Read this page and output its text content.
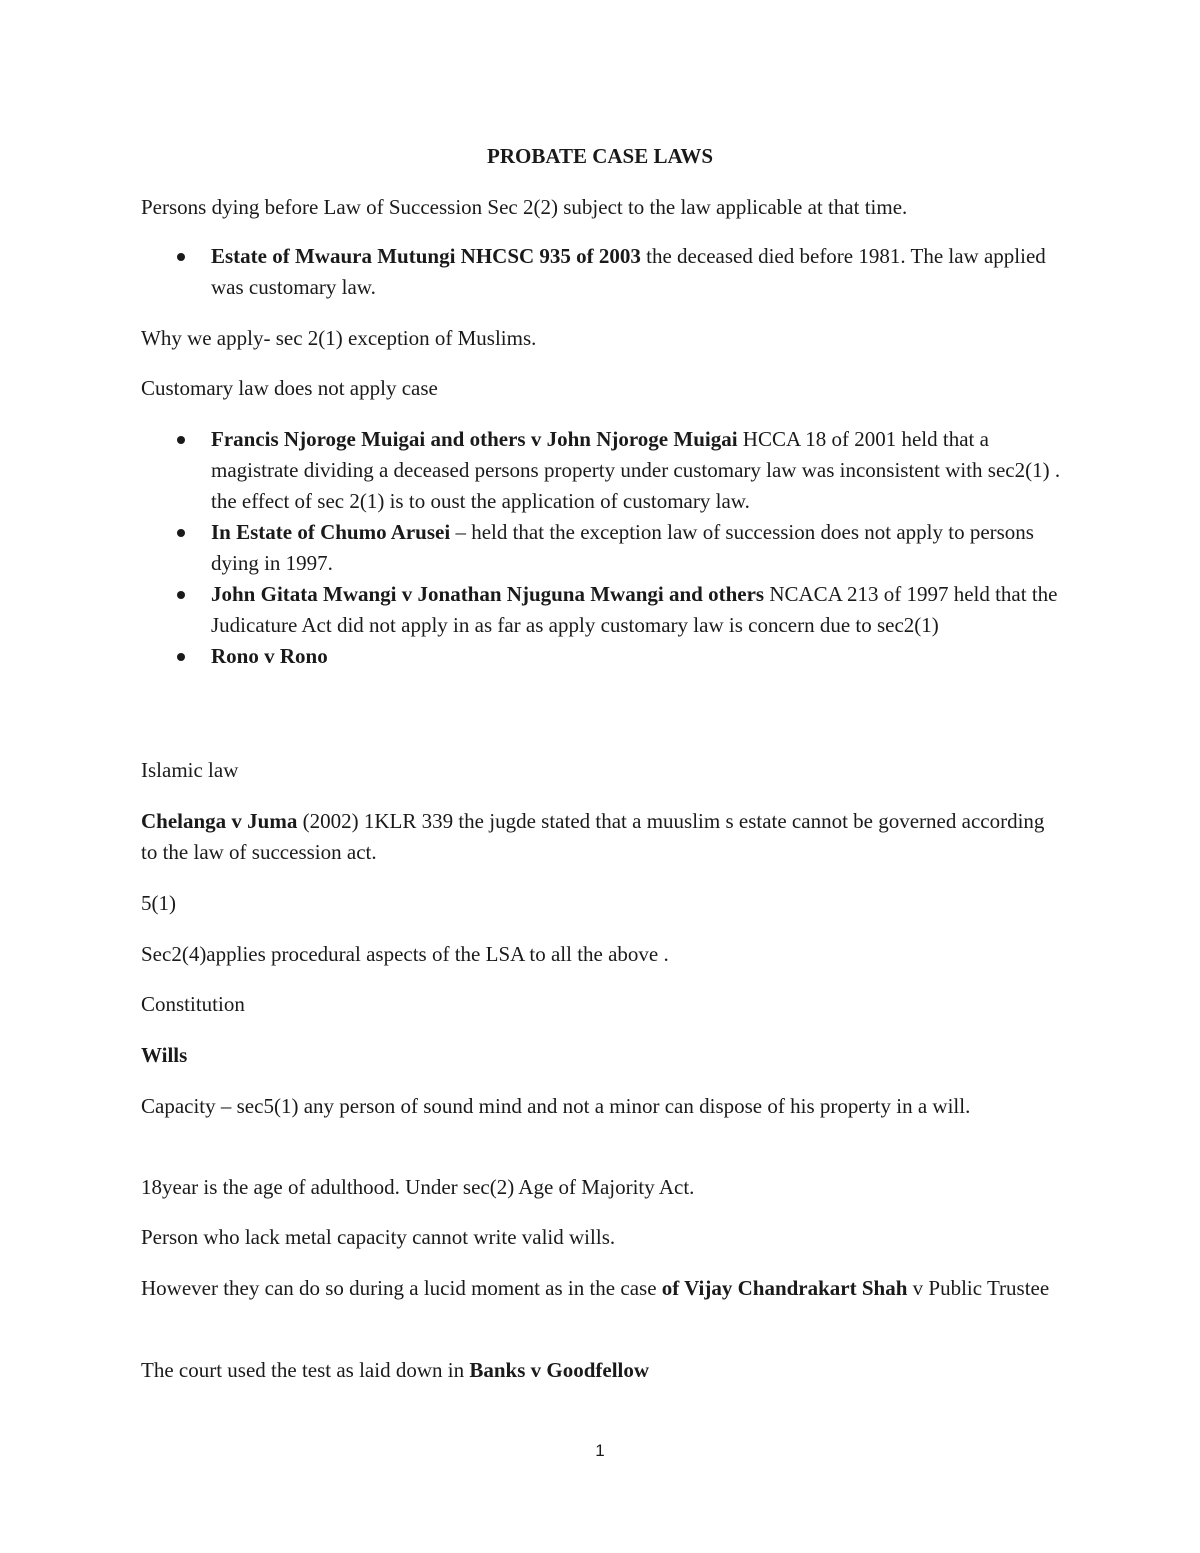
PROBATE CASE LAWS

Persons dying before Law of Succession Sec 2(2) subject to the law applicable at that time.

Estate of Mwaura Mutungi NHCSC 935 of 2003 the deceased died before 1981. The law applied was customary law.

Why we apply- sec 2(1) exception of Muslims.

Customary law does not apply case

Francis Njoroge Muigai and others v John Njoroge Muigai HCCA 18 of 2001 held that a magistrate dividing a deceased persons property under customary law was inconsistent with sec2(1) . the effect of sec 2(1) is to oust the application of customary law.
In Estate of Chumo Arusei – held that the exception law of succession does not apply to persons dying in 1997.
John Gitata Mwangi v Jonathan Njuguna Mwangi and others NCACA 213 of 1997 held that the Judicature Act did not apply in as far as apply customary law is concern due to sec2(1)
Rono v Rono

Islamic law

Chelanga v Juma (2002) 1KLR 339 the jugde stated that a muuslim s estate cannot be governed according to the law of succession act.

5(1)

Sec2(4)applies procedural aspects of the LSA to all the above .

Constitution

Wills

Capacity – sec5(1) any person of sound mind and not a minor can dispose of his property in a will.

18year is the age of adulthood. Under sec(2) Age of Majority Act.

Person who lack metal capacity cannot write valid wills.

However they can do so during a lucid moment as in the case of Vijay Chandrakart Shah v Public Trustee

The court used the test as laid down in Banks v Goodfellow

1
